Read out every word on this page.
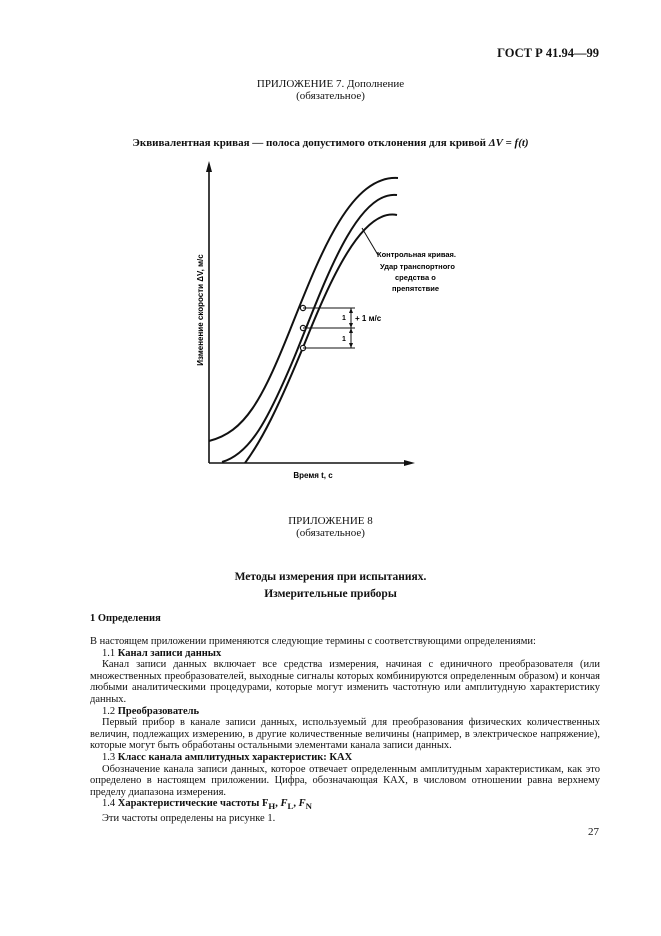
ГОСТ Р 41.94—99
ПРИЛОЖЕНИЕ 7. Дополнение
(обязательное)
Эквивалентная кривая — полоса допустимого отклонения для кривой ΔV = f(t)
1
1
+ 1 м/с
Контрольная кривая.
Удар транспортного
средства о
препятствие
Изменение скорости ΔV, м/с
Время t, с
ПРИЛОЖЕНИЕ 8
(обязательное)
Методы измерения при испытаниях.
Измерительные приборы
1 Определения
В настоящем приложении применяются следующие термины с соответствующими определениями:
1.1 Канал записи данных
Канал записи данных включает все средства измерения, начиная с единичного преобразователя (или множественных преобразователей, выходные сигналы которых комбинируются определенным образом) и кончая любыми аналитическими процедурами, которые могут изменить частотную или амплитудную характеристику данных.
1.2 Преобразователь
Первый прибор в канале записи данных, используемый для преобразования физических количественных величин, подлежащих измерению, в другие количественные величины (например, в электрическое напряжение), которые могут быть обработаны остальными элементами канала записи данных.
1.3 Класс канала амплитудных характеристик: КАХ
Обозначение канала записи данных, которое отвечает определенным амплитудным характеристикам, как это определено в настоящем приложении. Цифра, обозначающая КАХ, в числовом отношении равна верхнему пределу диапазона измерения.
1.4 Характеристические частоты $F_H$, $F_L$, $F_N$
Эти частоты определены на рисунке 1.
27
